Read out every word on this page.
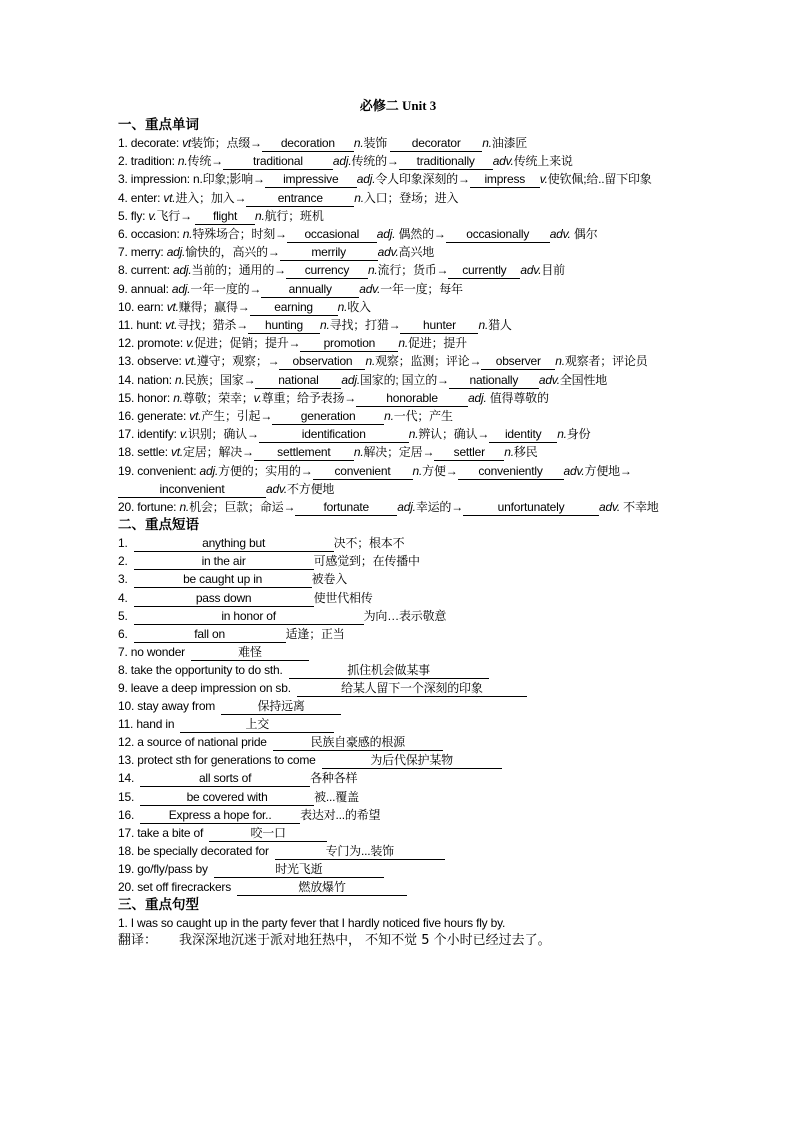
必修二 Unit 3
一、重点单词
1. decorate: vt装饰；点缀→ decoration n.装饰 decorator n.油漆匠
2. tradition: n.传统→	traditional	adj.传统的→ traditionally adv.传统上来说
3. impression: n.印象;影响→ impressive adj.令人印象深刻的→ impress v.使钦佩;给..留下印象
4. enter: vt.进入；加入→	entrance	n.入口；登场；进入
5. fly: v.飞行→ flight n.航行；班机
6. occasion: n.特殊场合；时刻→ occasional adj. 偶然的→ occasionally adv. 偶尔
7. merry: adj.愉快的，高兴的→	merrily	adv.高兴地
8. current: adj.当前的；通用的→ currency n.流行；货币→ currently adv.目前
9. annual: adj.一年一度的→ annually adv.一年一度；每年
10. earn: vt.赚得；赢得→ earning n.收入
11. hunt: vt.寻找；猎杀→ hunting n.寻找；打猎→ hunter n.猎人
12. promote: v.促进；促销；提升→ promotion n.促进；提升
13. observe: vt.遵守；观察；→ observation n.观察；监测；评论→ observer n.观察者；评论员
14. nation: n.民族；国家→ national adj.国家的; 国立的→ nationally adv.全国性地
15. honor: n.尊敬；荣幸；v.尊重；给予表扬→	honorable	adj. 值得尊敬的
16. generate: vt.产生；引起→ generation n.一代；产生
17. identify: v.识别；确认→	identification	n.辨认；确认→ identity n.身份
18. settle: vt.定居；解决→ settlement n.解决；定居→ settler n.移民
19. convenient: adj.方便的；实用的→ convenient n.方便→ conveniently adv.方便地→inconvenient	adv.不方便地
20. fortune: n.机会；巨款；命运→ fortunate adj.幸运的→	unfortunately	adv. 不幸地
二、重点短语
1.	anything but	决不；根本不
2.	in the air	可感觉到；在传播中
3.	be caught up in	被卷入
4.	pass down	使世代相传
5.	in honor of	为向…表示敬意
6.	fall on	适逢；正当
7. no wonder	难怪
8. take the opportunity to do sth.	抓住机会做某事
9. leave a deep impression on sb.	给某人留下一个深刻的印象
10. stay away from	保持远离
11. hand in	上交
12. a source of national pride	民族自豪感的根源
13. protect sth for generations to come	为后代保护某物
14.	all sorts of	各种各样
15.	be covered with	被...覆盖
16.	Express a hope for.. 表达对...的希望
17. take a bite of	咬一口
18. be specially decorated for	专门为...装饰
19. go/fly/pass by	时光飞逝
20. set off firecrackers	燃放爆竹
三、重点句型
1. I was so caught up in the party fever that I hardly noticed five hours fly by.
翻译： 我深深地沉迷于派对地狂热中， 不知不觉 5 个小时已经过去了。
